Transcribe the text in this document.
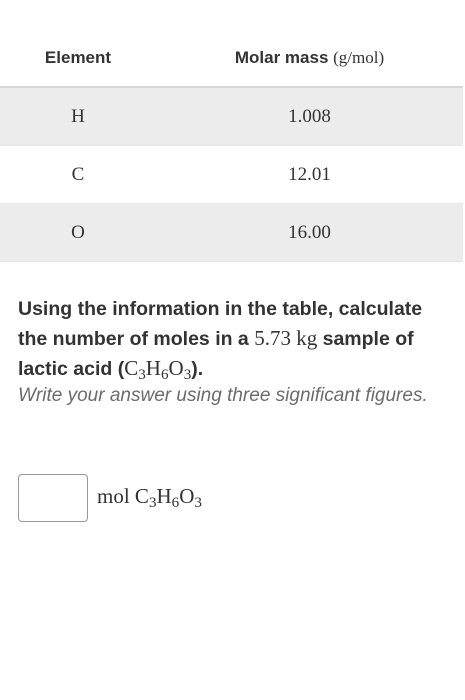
Element	Molar mass (g/mol)
H	1.008
C	12.01
O	16.00
Using the information in the table, calculate the number of moles in a 5.73 kg sample of lactic acid $(C_3H_6O_3)$.
Write your answer using three significant figures.
mol $C_3H_6O_3$
